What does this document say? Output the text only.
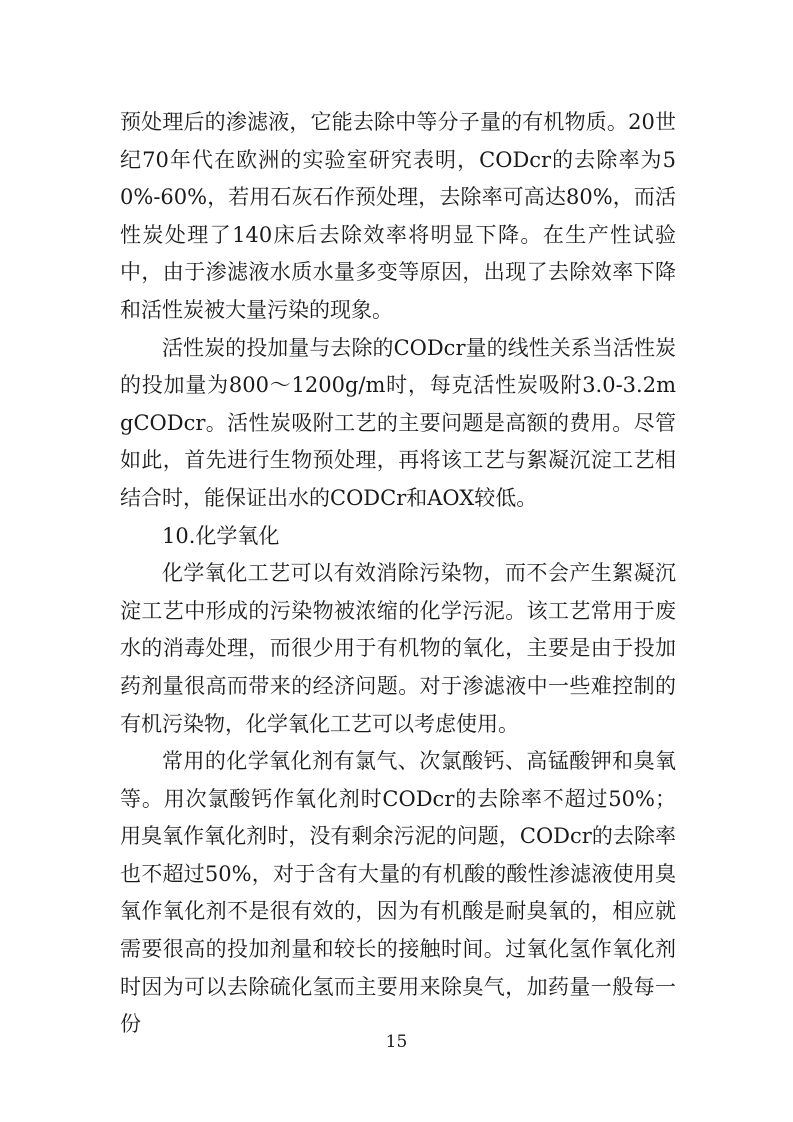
预处理后的渗滤液，它能去除中等分子量的有机物质。20世纪70年代在欧洲的实验室研究表明，CODcr的去除率为50%-60%，若用石灰石作预处理，去除率可高达80%，而活性炭处理了140床后去除效率将明显下降。在生产性试验中，由于渗滤液水质水量多变等原因，出现了去除效率下降和活性炭被大量污染的现象。

活性炭的投加量与去除的CODcr量的线性关系当活性炭的投加量为800～1200g/m时，每克活性炭吸附3.0-3.2mgCODcr。活性炭吸附工艺的主要问题是高额的费用。尽管如此，首先进行生物预处理，再将该工艺与絮凝沉淀工艺相结合时，能保证出水的CODCr和AOX较低。

10.化学氧化

化学氧化工艺可以有效消除污染物，而不会产生絮凝沉淀工艺中形成的污染物被浓缩的化学污泥。该工艺常用于废水的消毒处理，而很少用于有机物的氧化，主要是由于投加药剂量很高而带来的经济问题。对于渗滤液中一些难控制的有机污染物，化学氧化工艺可以考虑使用。

常用的化学氧化剂有氯气、次氯酸钙、高锰酸钾和臭氧等。用次氯酸钙作氧化剂时CODcr的去除率不超过50%；用臭氧作氧化剂时，没有剩余污泥的问题，CODcr的去除率也不超过50%，对于含有大量的有机酸的酸性渗滤液使用臭氧作氧化剂不是很有效的，因为有机酸是耐臭氧的，相应就需要很高的投加剂量和较长的接触时间。过氧化氢作氧化剂时因为可以去除硫化氢而主要用来除臭气，加药量一般每一份

15
